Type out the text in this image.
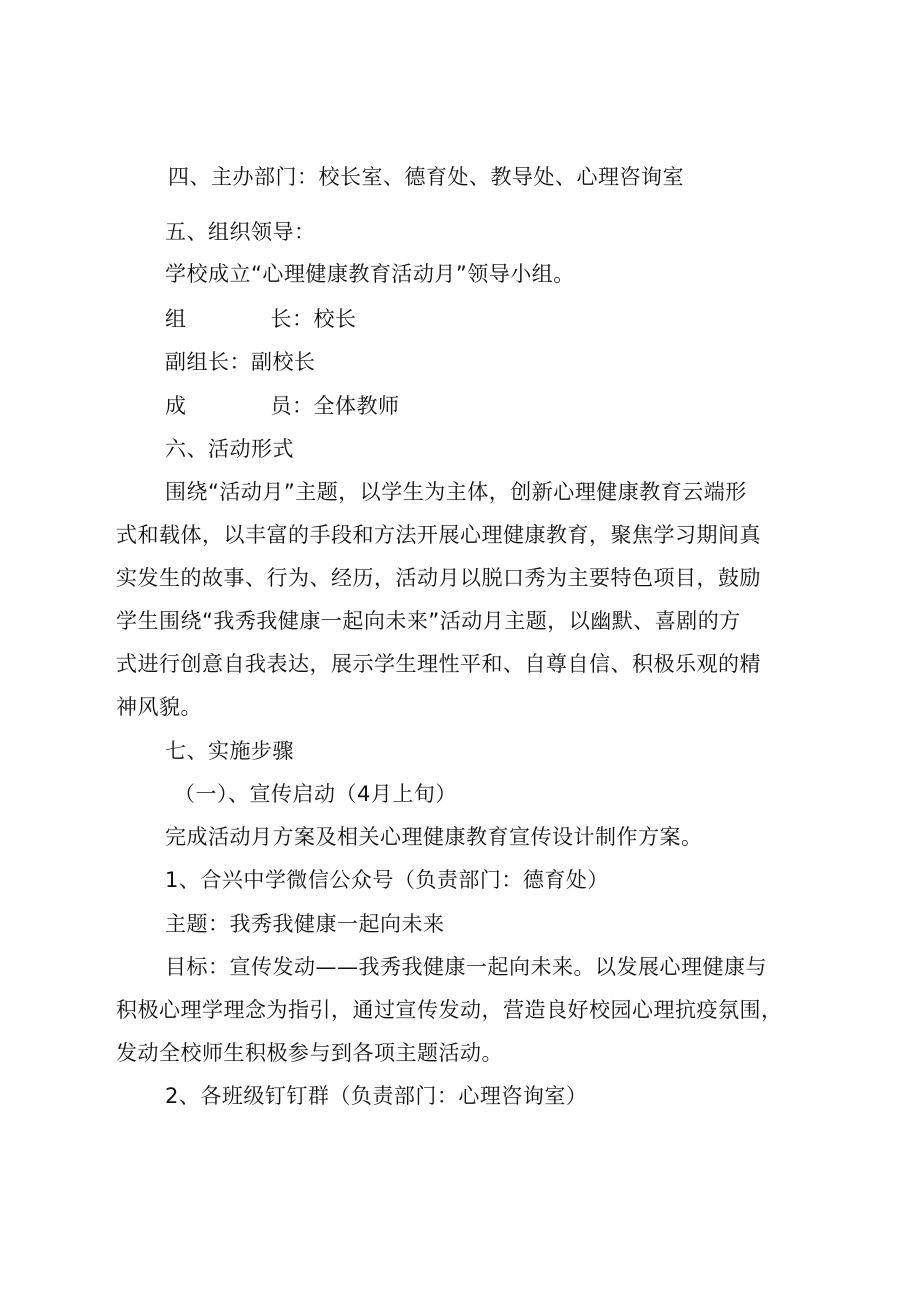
四、主办部门：校长室、德育处、教导处、心理咨询室
五、组织领导：
学校成立“心理健康教育活动月”领导小组。
组	长：校长
副组长：副校长
成	员：全体教师
六、活动形式
围绕“活动月”主题，以学生为主体，创新心理健康教育云端形
式和载体，以丰富的手段和方法开展心理健康教育，聚焦学习期间真
实发生的故事、行为、经历，活动月以脱口秀为主要特色项目，鼓励
学生围绕“我秀我健康一起向未来”活动月主题，以幽默、喜剧的方
式进行创意自我表达，展示学生理性平和、自尊自信、积极乐观的精
神风貌。
七、实施步骤
（一）、宣传启动（4月上旬）
完成活动月方案及相关心理健康教育宣传设计制作方案。
1、合兴中学微信公众号（负责部门：德育处）
主题：我秀我健康一起向未来
目标：宣传发动——我秀我健康一起向未来。以发展心理健康与
积极心理学理念为指引，通过宣传发动，营造良好校园心理抗疫氛围，
发动全校师生积极参与到各项主题活动。
2、各班级钉钉群（负责部门：心理咨询室）
